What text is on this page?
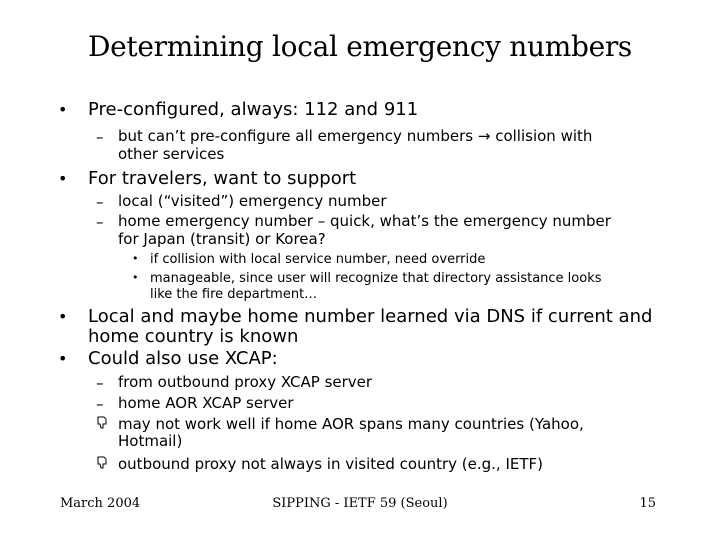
Determining local emergency numbers
• Pre-configured, always: 112 and 911
– but can’t pre-configure all emergency numbers → collision with
other services
• For travelers, want to support
– local (“visited”) emergency number
– home emergency number – quick, what’s the emergency number
for Japan (transit) or Korea?
• if collision with local service number, need override
• manageable, since user will recognize that directory assistance looks
like the fire department…
• Local and maybe home number learned via DNS if current and
home country is known
• Could also use XCAP:
– from outbound proxy XCAP server
– home AOR XCAP server
may not work well if home AOR spans many countries (Yahoo,
Hotmail)
outbound proxy not always in visited country (e.g., IETF)
March 2004	SIPPING - IETF 59 (Seoul)	15
